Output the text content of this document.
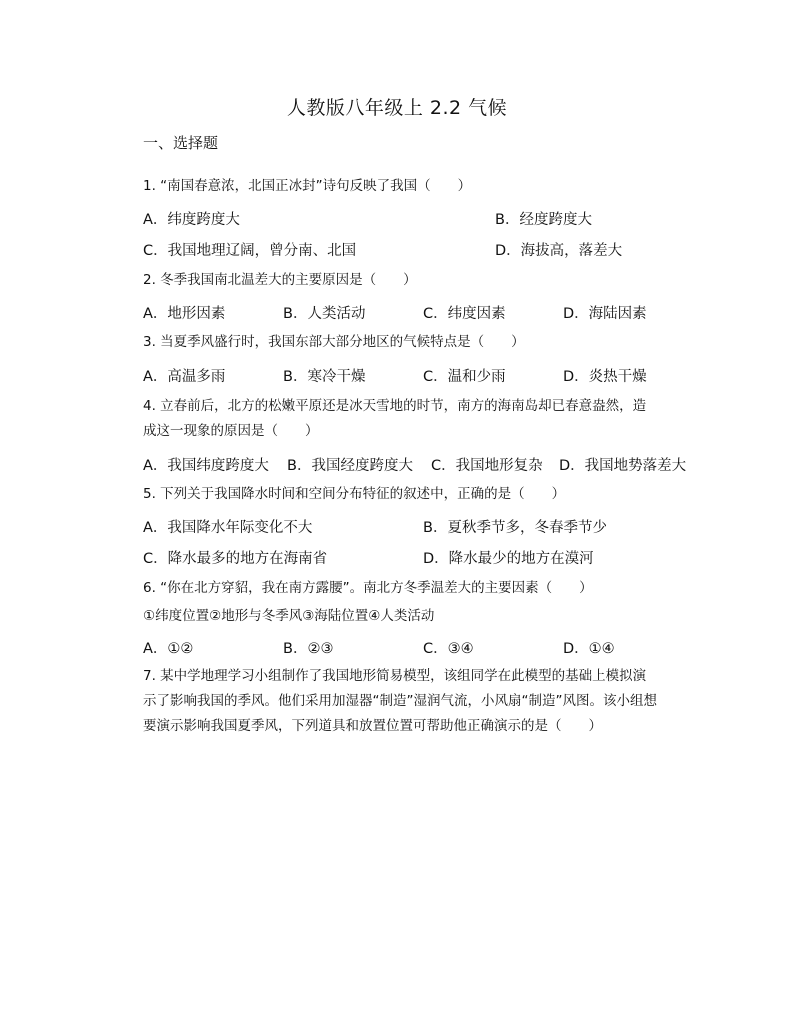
人教版八年级上 2.2 气候
一、选择题
1. “南国春意浓，北国正冰封”诗句反映了我国（　　）
A．纬度跨度大	B．经度跨度大
C．我国地理辽阔，曾分南、北国	D．海拔高，落差大
2. 冬季我国南北温差大的主要原因是（　　）
A．地形因素	B．人类活动	C．纬度因素	D．海陆因素
3. 当夏季风盛行时，我国东部大部分地区的气候特点是（　　）
A．高温多雨	B．寒冷干燥	C．温和少雨	D．炎热干燥
4. 立春前后，北方的松嫩平原还是冰天雪地的时节，南方的海南岛却已春意盎然，造
成这一现象的原因是（　　）
A．我国纬度跨度大 B．我国经度跨度大 C．我国地形复杂 D．我国地势落差大
5. 下列关于我国降水时间和空间分布特征的叙述中，正确的是（　　）
A．我国降水年际变化不大	B．夏秋季节多，冬春季节少
C．降水最多的地方在海南省	D．降水最少的地方在漠河
6. “你在北方穿貂，我在南方露腰”。南北方冬季温差大的主要因素（　　）
①纬度位置②地形与冬季风③海陆位置④人类活动
A．①②	B．②③	C．③④	D．①④
7. 某中学地理学习小组制作了我国地形简易模型，该组同学在此模型的基础上模拟演
示了影响我国的季风。他们采用加湿器“制造”湿润气流，小风扇“制造”风图。该小组想
要演示影响我国夏季风，下列道具和放置位置可帮助他正确演示的是（　　）
